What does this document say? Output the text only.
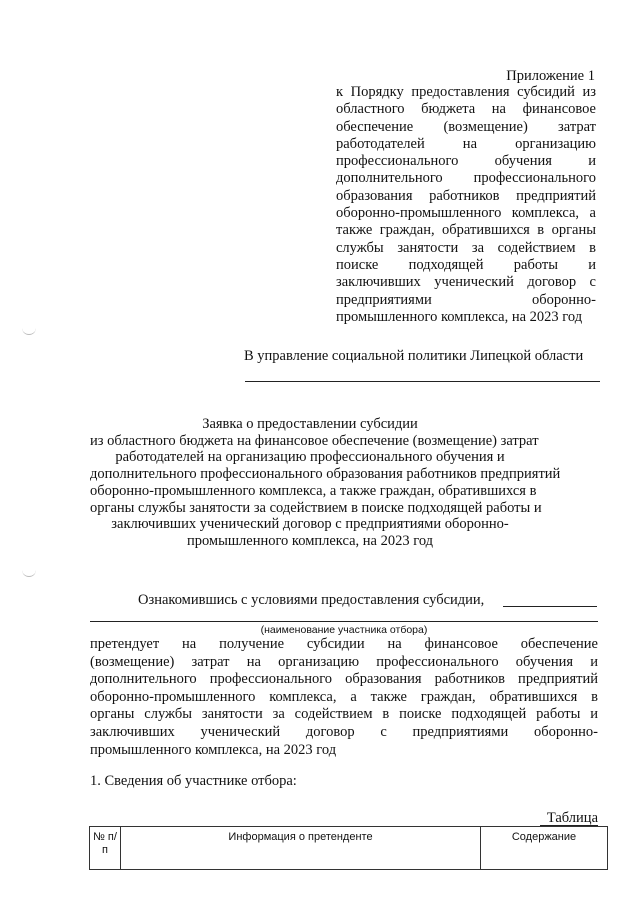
Приложение 1
к Порядку предоставления субсидий из
областного бюджета на финансовое
обеспечение (возмещение) затрат
работодателей на организацию
профессионального обучения и
дополнительного профессионального
образования работников предприятий
оборонно-промышленного комплекса, а
также граждан, обратившихся в органы
службы занятости за содействием в
поиске подходящей работы и
заключивших ученический договор с
предприятиями оборонно-
промышленного комплекса, на 2023 год
В управление социальной политики Липецкой области
Заявка о предоставлении субсидии
из областного бюджета на финансовое обеспечение (возмещение) затрат
работодателей на организацию профессионального обучения и
дополнительного профессионального образования работников предприятий
оборонно-промышленного комплекса, а также граждан, обратившихся в
органы службы занятости за содействием в поиске подходящей работы и
заключивших ученический договор с предприятиями оборонно-
промышленного комплекса, на 2023 год
Ознакомившись с условиями предоставления субсидии,
(наименование участника отбора)
претендует на получение субсидии на финансовое обеспечение
(возмещение) затрат на организацию профессионального обучения и
дополнительного профессионального образования работников предприятий
оборонно-промышленного комплекса, а также граждан, обратившихся в
органы службы занятости за содействием в поиске подходящей работы и
заключивших ученический договор с предприятиями оборонно-
промышленного комплекса, на 2023 год
1. Сведения об участнике отбора:
Таблица
№ п/п	Информация о претенденте	Содержание
